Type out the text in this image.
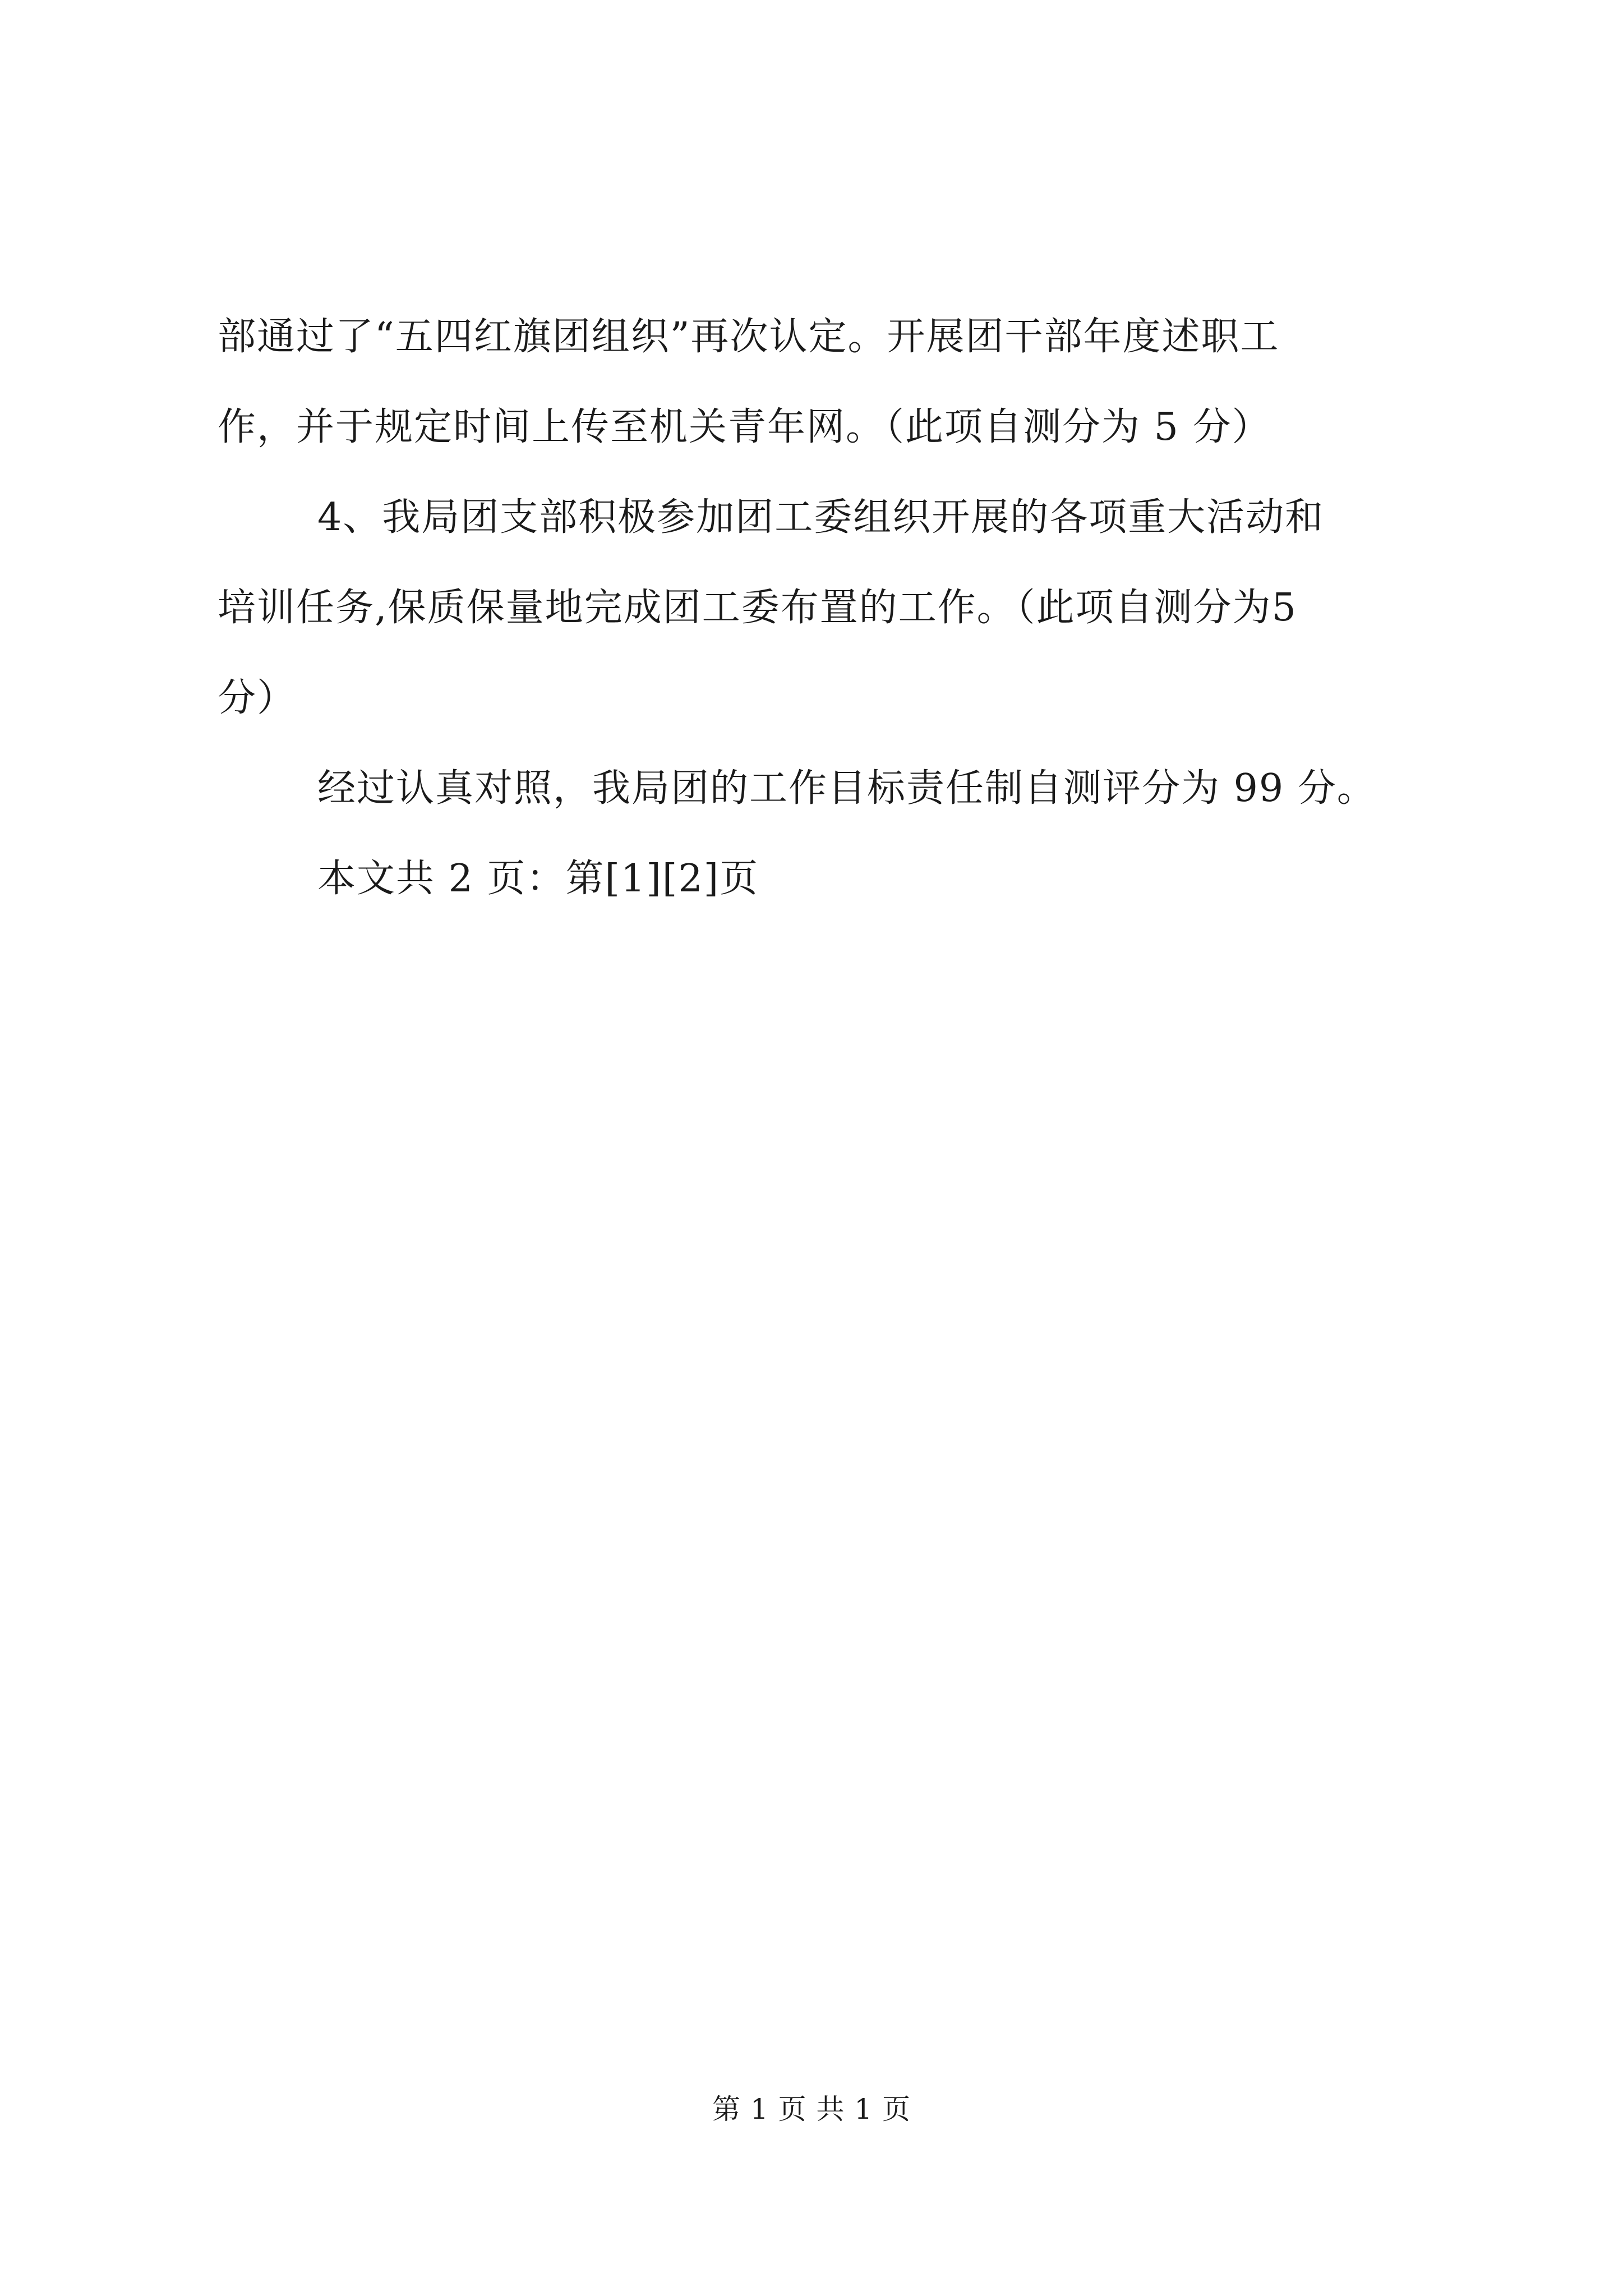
部通过了“五四红旗团组织”再次认定。开展团干部年度述职工
作，并于规定时间上传至机关青年网。（此项自测分为 5 分）
4、我局团支部积极参加团工委组织开展的各项重大活动和
培训任务,保质保量地完成团工委布置的工作。（此项自测分为5
分）
经过认真对照，我局团的工作目标责任制自测评分为 99 分。
本文共 2 页：第[1][2]页
第 1 页 共 1 页
